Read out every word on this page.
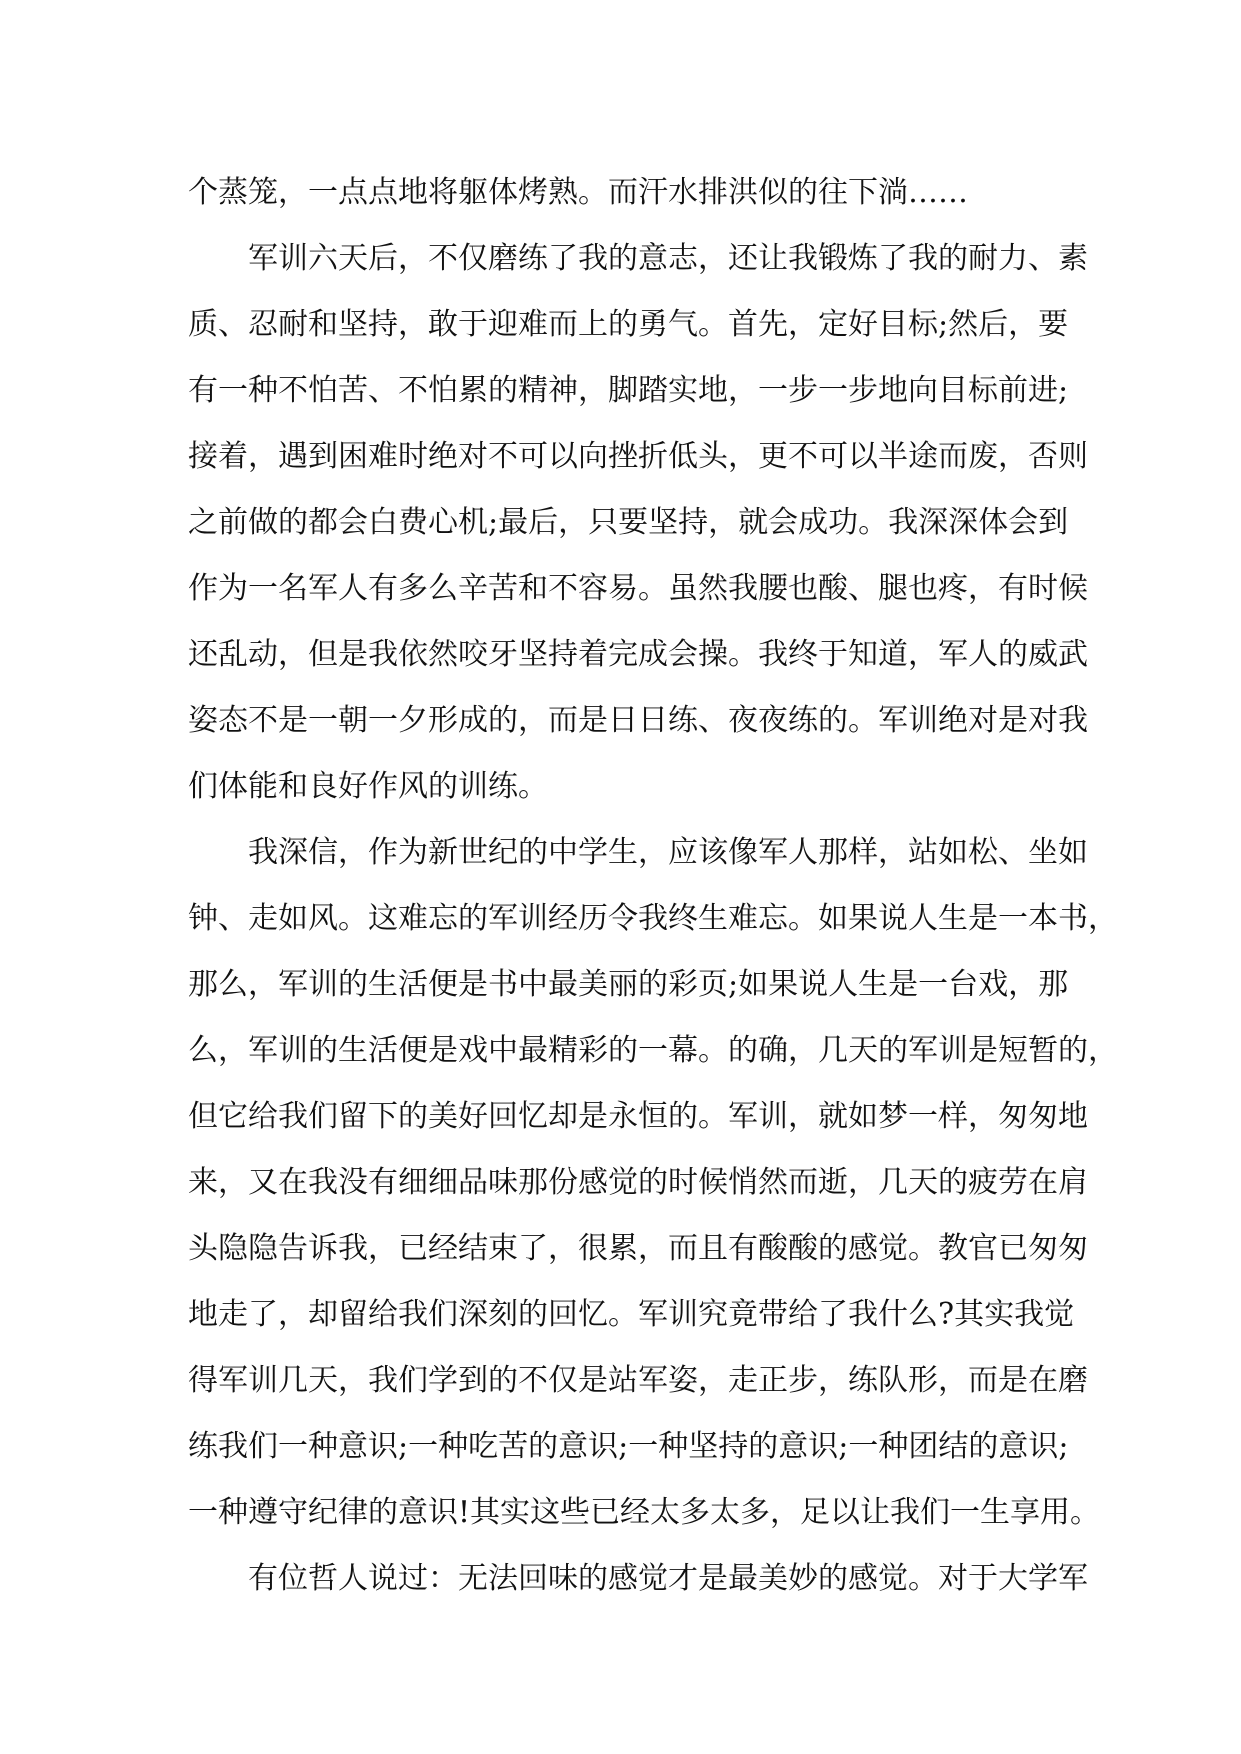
个蒸笼，一点点地将躯体烤熟。而汗水排洪似的往下淌……
军训六天后，不仅磨练了我的意志，还让我锻炼了我的耐力、素
质、忍耐和坚持，敢于迎难而上的勇气。首先，定好目标;然后，要
有一种不怕苦、不怕累的精神，脚踏实地，一步一步地向目标前进;
接着，遇到困难时绝对不可以向挫折低头，更不可以半途而废，否则
之前做的都会白费心机;最后，只要坚持，就会成功。我深深体会到
作为一名军人有多么辛苦和不容易。虽然我腰也酸、腿也疼，有时候
还乱动，但是我依然咬牙坚持着完成会操。我终于知道，军人的威武
姿态不是一朝一夕形成的，而是日日练、夜夜练的。军训绝对是对我
们体能和良好作风的训练。
我深信，作为新世纪的中学生，应该像军人那样，站如松、坐如
钟、走如风。这难忘的军训经历令我终生难忘。如果说人生是一本书，
那么，军训的生活便是书中最美丽的彩页;如果说人生是一台戏，那
么，军训的生活便是戏中最精彩的一幕。的确，几天的军训是短暂的，
但它给我们留下的美好回忆却是永恒的。军训，就如梦一样，匆匆地
来，又在我没有细细品味那份感觉的时候悄然而逝，几天的疲劳在肩
头隐隐告诉我，已经结束了，很累，而且有酸酸的感觉。教官已匆匆
地走了，却留给我们深刻的回忆。军训究竟带给了我什么?其实我觉
得军训几天，我们学到的不仅是站军姿，走正步，练队形，而是在磨
练我们一种意识;一种吃苦的意识;一种坚持的意识;一种团结的意识;
一种遵守纪律的意识!其实这些已经太多太多，足以让我们一生享用。
有位哲人说过：无法回味的感觉才是最美妙的感觉。对于大学军
